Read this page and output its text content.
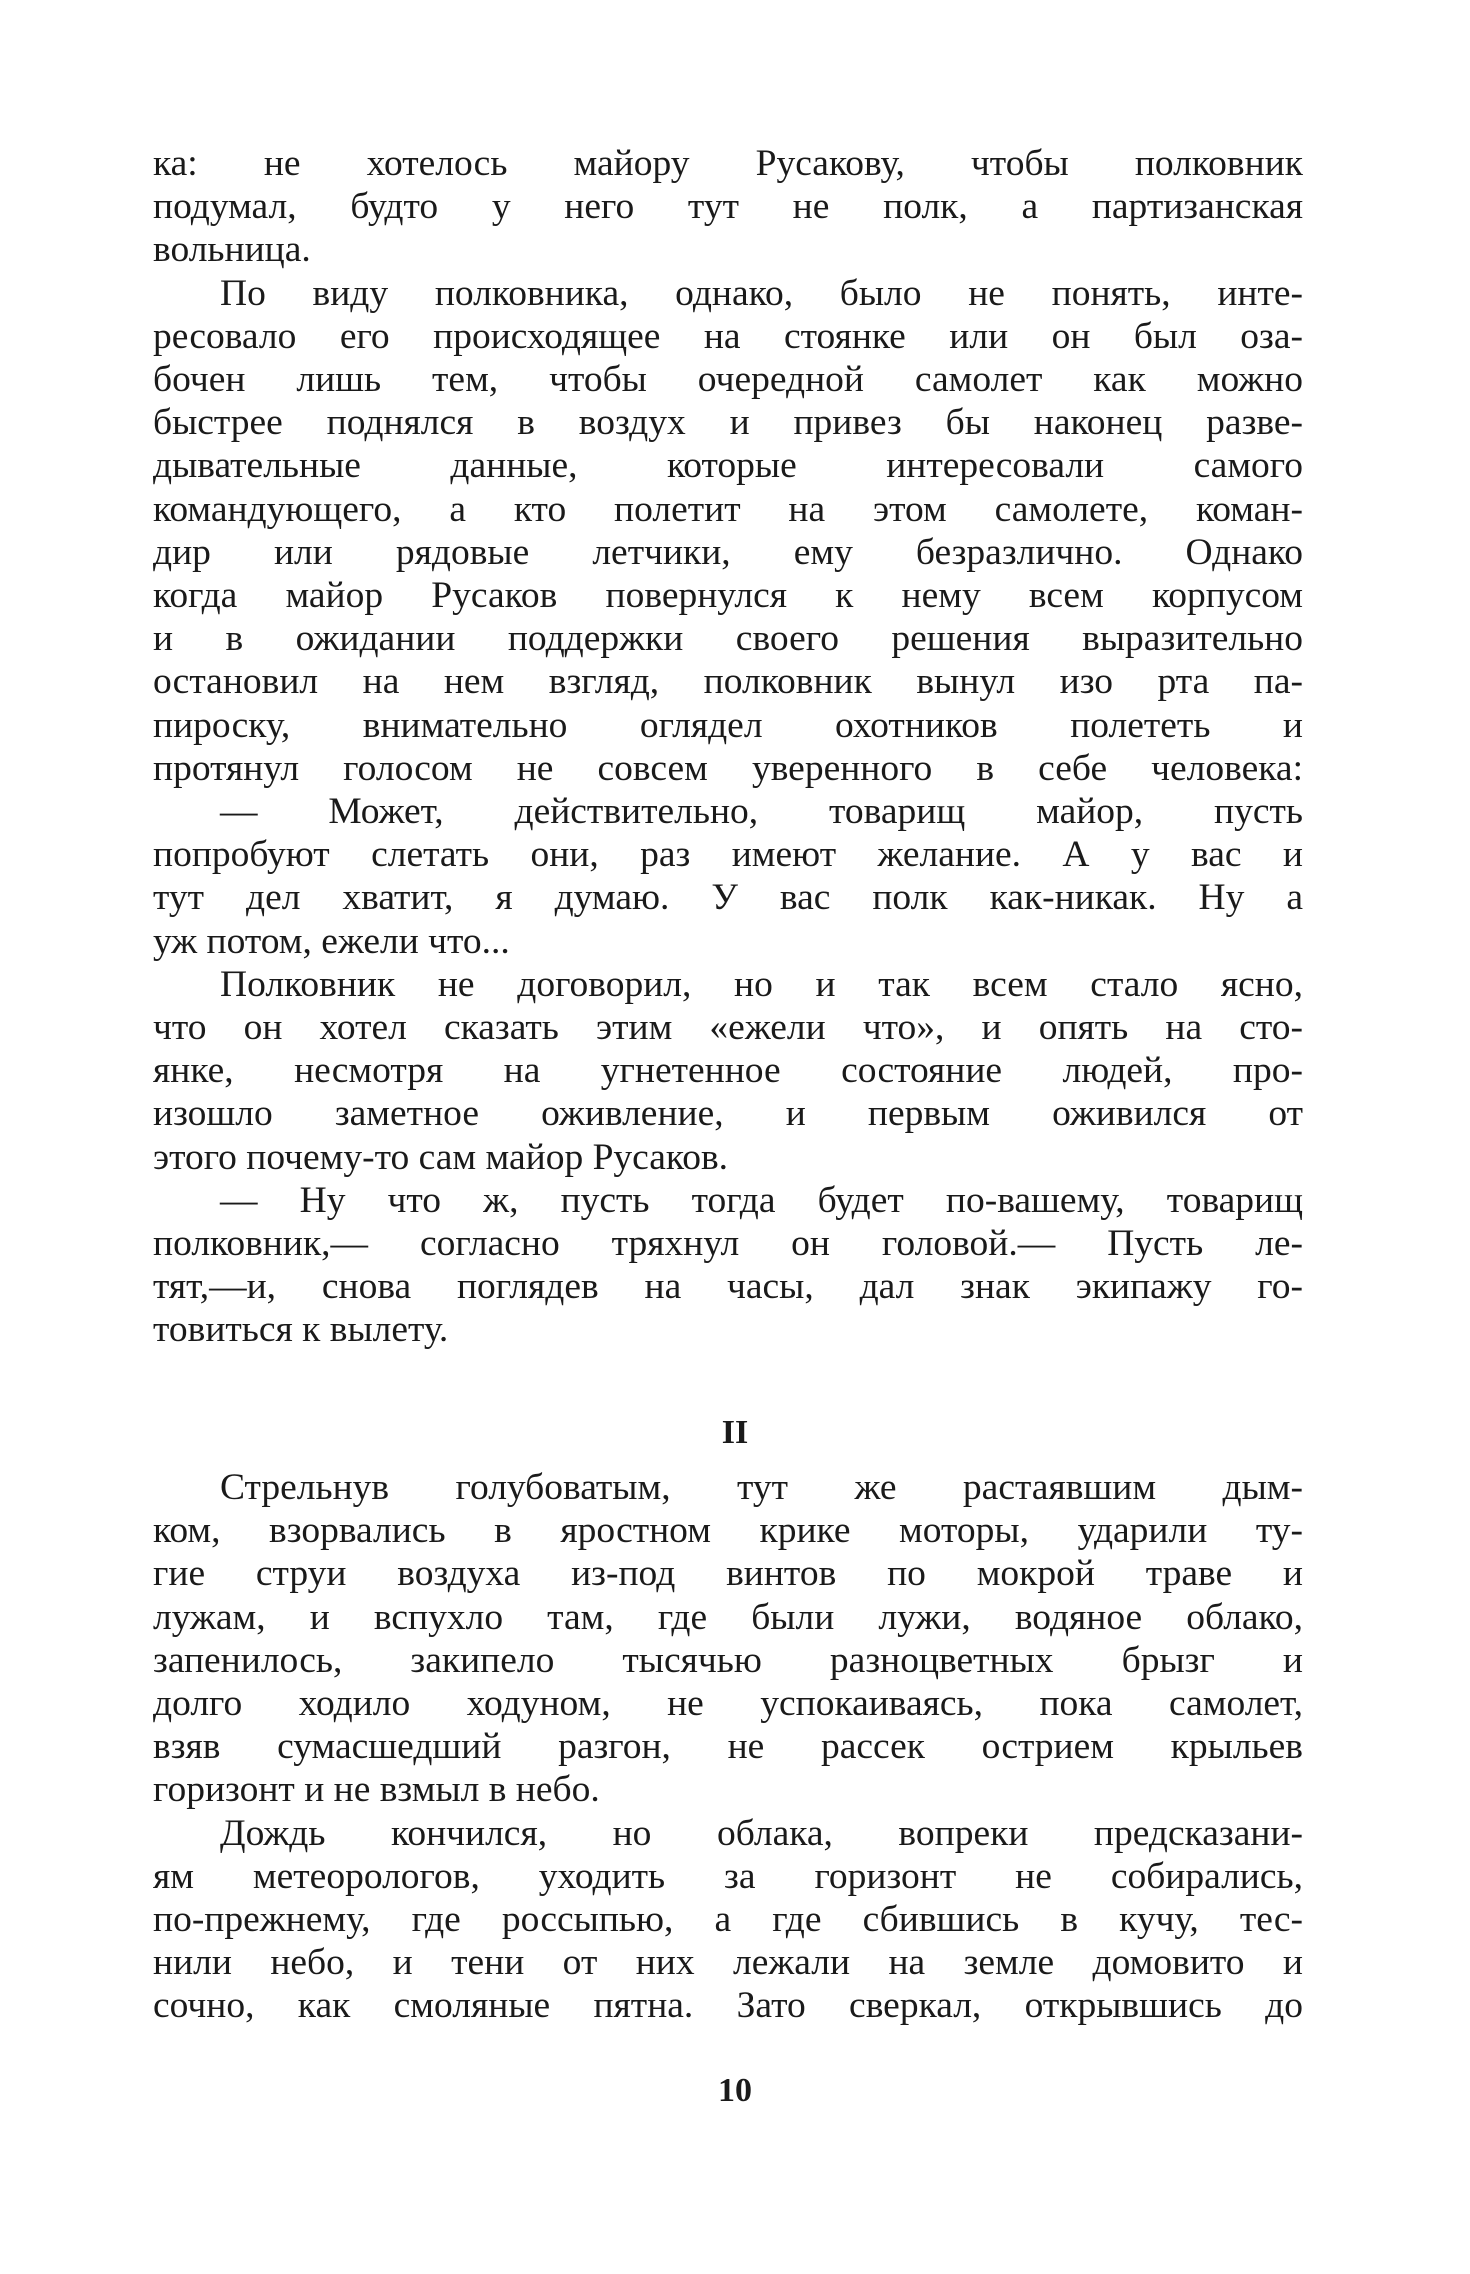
ка: не хотелось майору Русакову, чтобы полковник
подумал, будто у него тут не полк, а партизанская
вольница.
По виду полковника, однако, было не понять, инте-
ресовало его происходящее на стоянке или он был оза-
бочен лишь тем, чтобы очередной самолет как можно
быстрее поднялся в воздух и привез бы наконец разве-
дывательные данные, которые интересовали самого
командующего, а кто полетит на этом самолете, коман-
дир или рядовые летчики, ему безразлично. Однако
когда майор Русаков повернулся к нему всем корпусом
и в ожидании поддержки своего решения выразительно
остановил на нем взгляд, полковник вынул изо рта па-
пироску, внимательно оглядел охотников полететь и
протянул голосом не совсем уверенного в себе человека:
— Может, действительно, товарищ майор, пусть
попробуют слетать они, раз имеют желание. А у вас и
тут дел хватит, я думаю. У вас полк как-никак. Ну а
уж потом, ежели что...
Полковник не договорил, но и так всем стало ясно,
что он хотел сказать этим «ежели что», и опять на сто-
янке, несмотря на угнетенное состояние людей, про-
изошло заметное оживление, и первым оживился от
этого почему-то сам майор Русаков.
— Ну что ж, пусть тогда будет по-вашему, товарищ
полковник,— согласно тряхнул он головой.— Пусть ле-
тят,—и, снова поглядев на часы, дал знак экипажу го-
товиться к вылету.
II
Стрельнув голубоватым, тут же растаявшим дым-
ком, взорвались в яростном крике моторы, ударили ту-
гие струи воздуха из-под винтов по мокрой траве и
лужам, и вспухло там, где были лужи, водяное облако,
запенилось, закипело тысячью разноцветных брызг и
долго ходило ходуном, не успокаиваясь, пока самолет,
взяв сумасшедший разгон, не рассек острием крыльев
горизонт и не взмыл в небо.
Дождь кончился, но облака, вопреки предсказани-
ям метеорологов, уходить за горизонт не собирались,
по-прежнему, где россыпью, а где сбившись в кучу, тес-
нили небо, и тени от них лежали на земле домовито и
сочно, как смоляные пятна. Зато сверкал, открывшись до
10
